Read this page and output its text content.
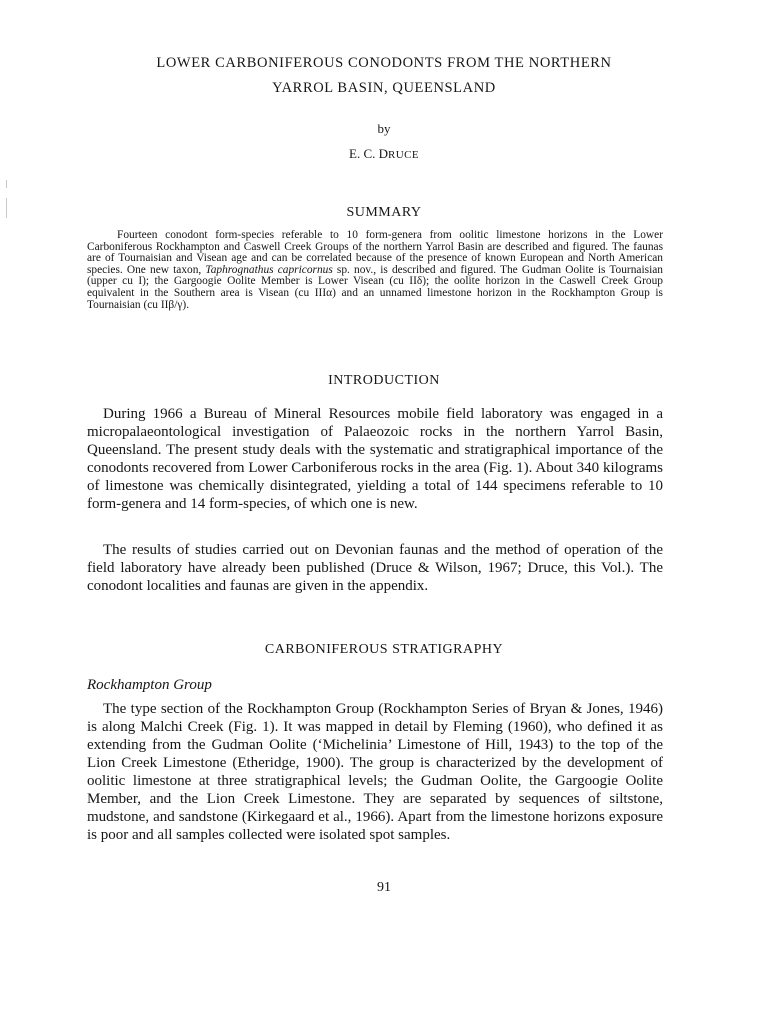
LOWER CARBONIFEROUS CONODONTS FROM THE NORTHERN
YARROL BASIN, QUEENSLAND
by
E. C. DRUCE
SUMMARY

Fourteen conodont form-species referable to 10 form-genera from oolitic limestone horizons in the Lower Carboniferous Rockhampton and Caswell Creek Groups of the northern Yarrol Basin are described and figured. The faunas are of Tournaisian and Visean age and can be correlated because of the presence of known European and North American species. One new taxon, Taphrognathus capricornus sp. nov., is described and figured. The Gudman Oolite is Tournaisian (upper cu I); the Gargoogie Oolite Member is Lower Visean (cu IIδ); the oolite horizon in the Caswell Creek Group equivalent in the Southern area is Visean (cu IIIα) and an unnamed limestone horizon in the Rockhampton Group is Tournaisian (cu IIβ/γ).

INTRODUCTION

During 1966 a Bureau of Mineral Resources mobile field laboratory was engaged in a micropalaeontological investigation of Palaeozoic rocks in the northern Yarrol Basin, Queensland. The present study deals with the systematic and stratigraphical importance of the conodonts recovered from Lower Carboniferous rocks in the area (Fig. 1). About 340 kilograms of limestone was chemically disintegrated, yielding a total of 144 specimens referable to 10 form-genera and 14 form-species, of which one is new.

The results of studies carried out on Devonian faunas and the method of operation of the field laboratory have already been published (Druce & Wilson, 1967; Druce, this Vol.). The conodont localities and faunas are given in the appendix.

CARBONIFEROUS STRATIGRAPHY
Rockhampton Group

The type section of the Rockhampton Group (Rockhampton Series of Bryan & Jones, 1946) is along Malchi Creek (Fig. 1). It was mapped in detail by Fleming (1960), who defined it as extending from the Gudman Oolite (‘Michelinia’ Limestone of Hill, 1943) to the top of the Lion Creek Limestone (Etheridge, 1900). The group is characterized by the development of oolitic limestone at three stratigraphical levels; the Gudman Oolite, the Gargoogie Oolite Member, and the Lion Creek Limestone. They are separated by sequences of siltstone, mudstone, and sandstone (Kirkegaard et al., 1966). Apart from the limestone horizons exposure is poor and all samples collected were isolated spot samples.

91
